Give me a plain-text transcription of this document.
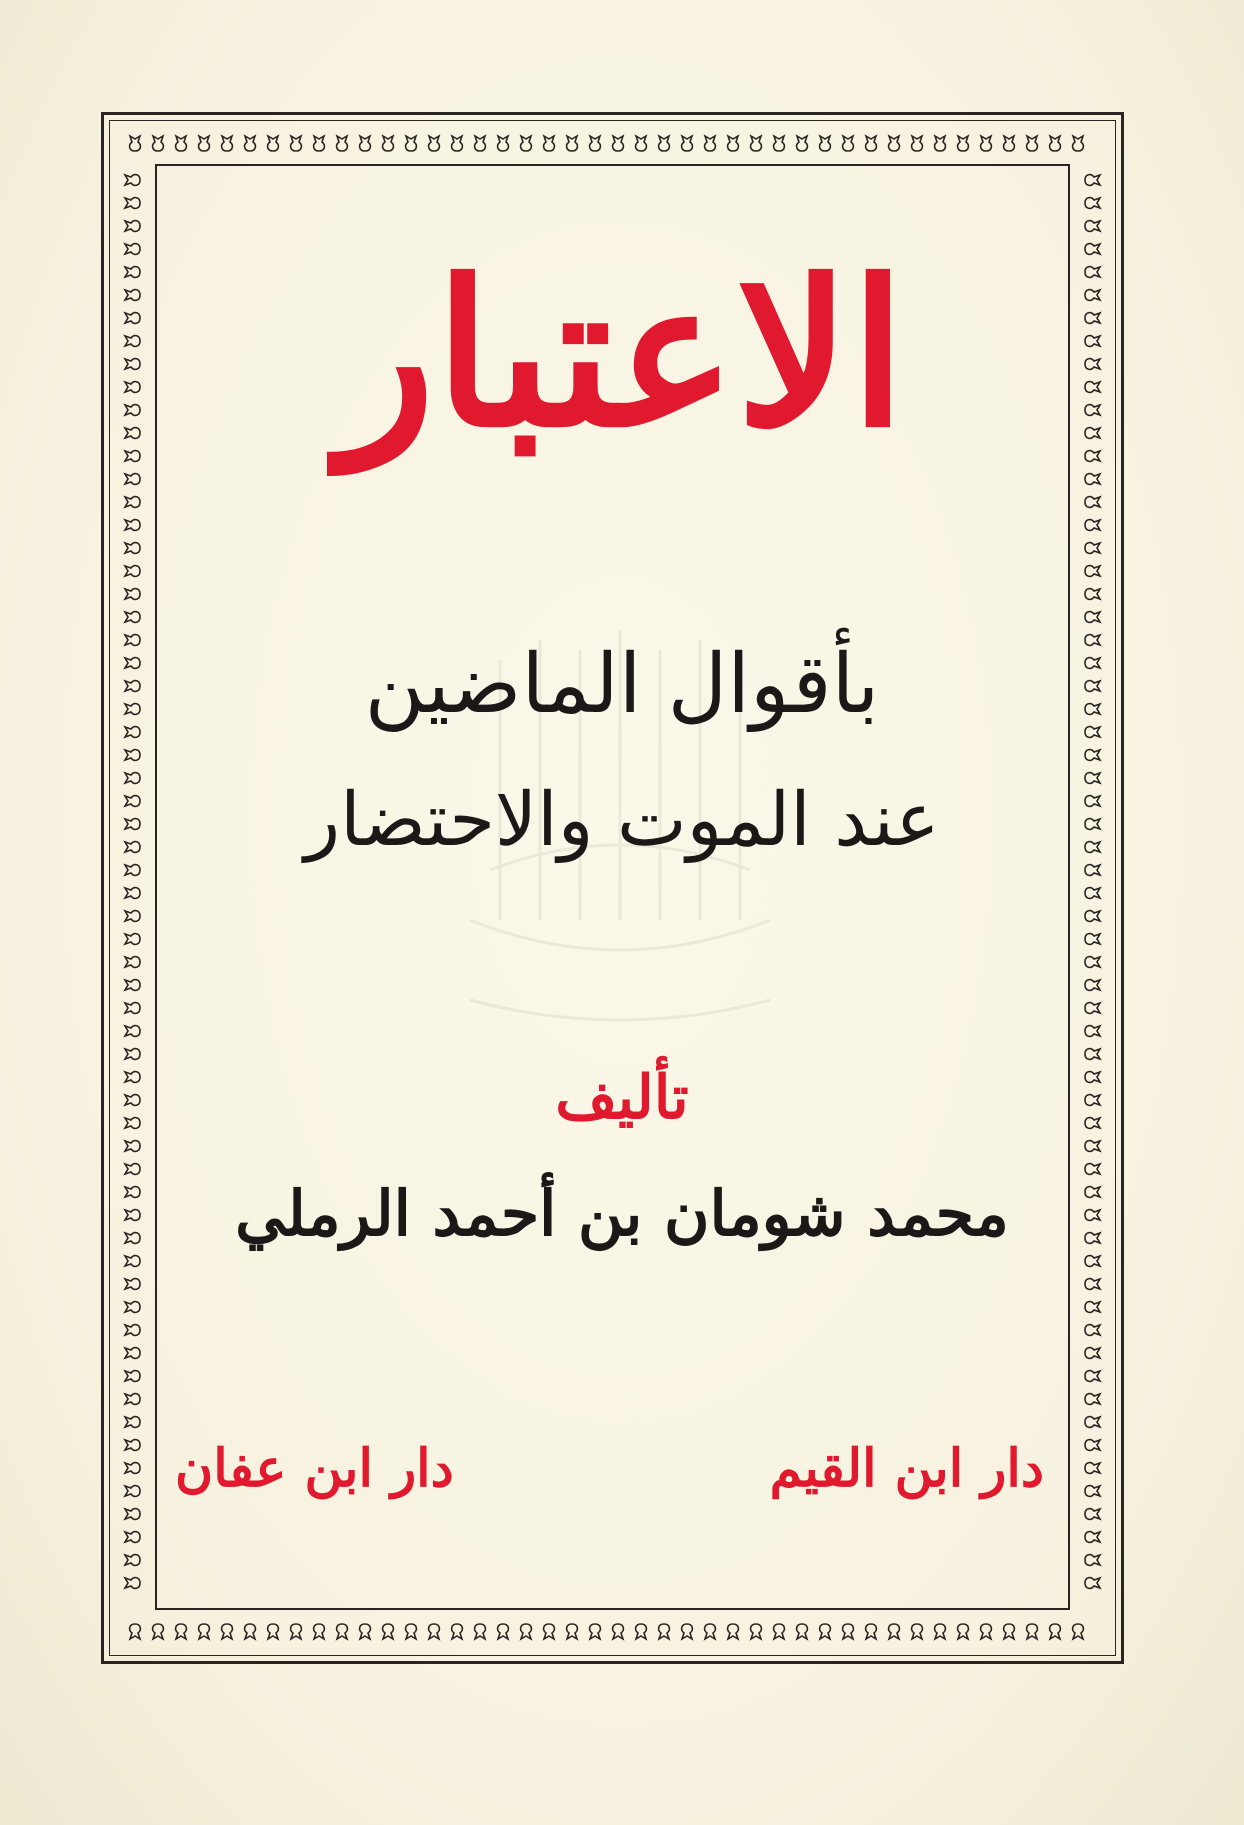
الاعتبار
بأقوال الماضين
عند الموت والاحتضار
تأليف
محمد شومان بن أحمد الرملي
دار ابن القيم
دار ابن عفان
